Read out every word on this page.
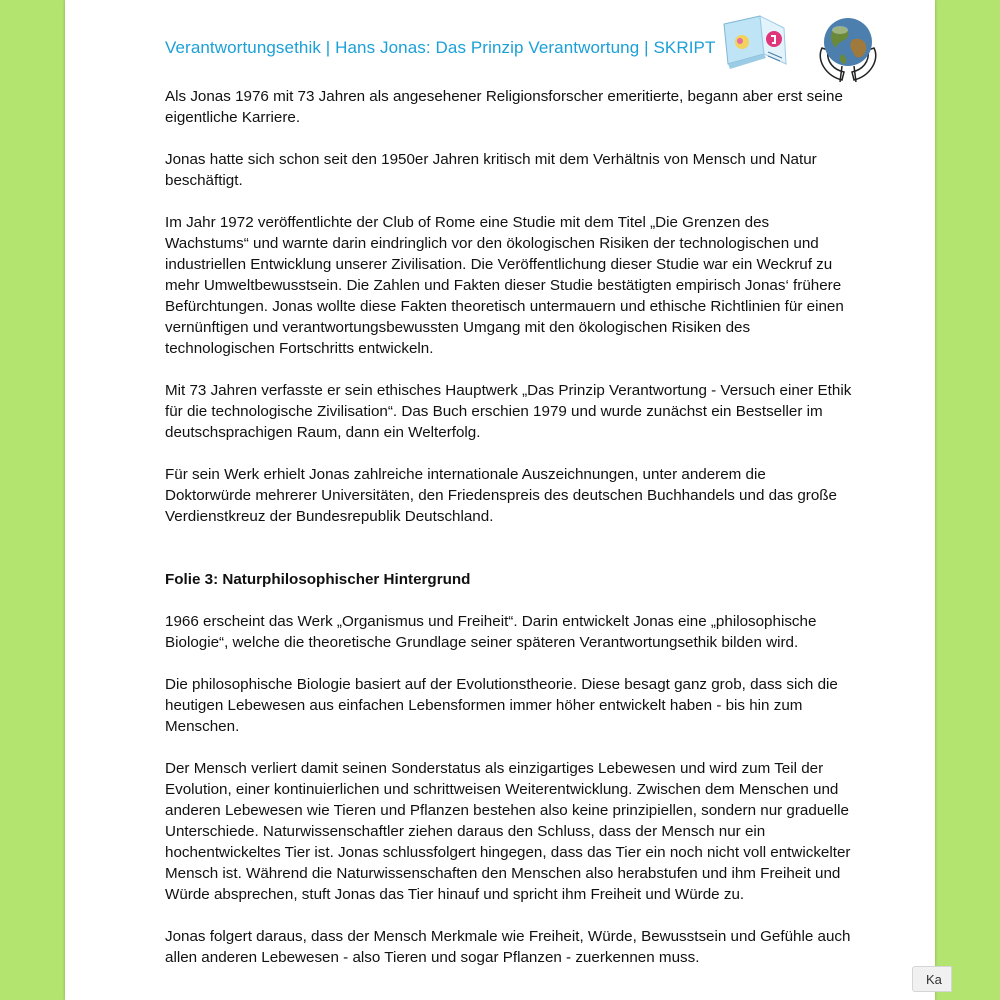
Verantwortungsethik | Hans Jonas: Das Prinzip Verantwortung | SKRIPT

Als Jonas 1976 mit 73 Jahren als angesehener Religionsforscher emeritierte, begann aber erst seine eigentliche Karriere.

Jonas hatte sich schon seit den 1950er Jahren kritisch mit dem Verhältnis von Mensch und Natur beschäftigt.

Im Jahr 1972 veröffentlichte der Club of Rome eine Studie mit dem Titel „Die Grenzen des Wachstums“ und warnte darin eindringlich vor den ökologischen Risiken der technologischen und industriellen Entwicklung unserer Zivilisation. Die Veröffentlichung dieser Studie war ein Weckruf zu mehr Umweltbewusstsein. Die Zahlen und Fakten dieser Studie bestätigten empirisch Jonas‘ frühere Befürchtungen. Jonas wollte diese Fakten theoretisch untermauern und ethische Richtlinien für einen vernünftigen und verantwortungsbewussten Umgang mit den ökologischen Risiken des technologischen Fortschritts entwickeln.

Mit 73 Jahren verfasste er sein ethisches Hauptwerk „Das Prinzip Verantwortung - Versuch einer Ethik für die technologische Zivilisation“. Das Buch erschien 1979 und wurde zunächst ein Bestseller im deutschsprachigen Raum, dann ein Welterfolg.

Für sein Werk erhielt Jonas zahlreiche internationale Auszeichnungen, unter anderem die Doktorwürde mehrerer Universitäten, den Friedenspreis des deutschen Buchhandels und das große Verdienstkreuz der Bundesrepublik Deutschland.

Folie 3: Naturphilosophischer Hintergrund

1966 erscheint das Werk „Organismus und Freiheit“. Darin entwickelt Jonas eine „philosophische Biologie“, welche die theoretische Grundlage seiner späteren Verantwortungsethik bilden wird.

Die philosophische Biologie basiert auf der Evolutionstheorie. Diese besagt ganz grob, dass sich die heutigen Lebewesen aus einfachen Lebensformen immer höher entwickelt haben - bis hin zum Menschen.

Der Mensch verliert damit seinen Sonderstatus als einzigartiges Lebewesen und wird zum Teil der Evolution, einer kontinuierlichen und schrittweisen Weiterentwicklung. Zwischen dem Menschen und anderen Lebewesen wie Tieren und Pflanzen bestehen also keine prinzipiellen, sondern nur graduelle Unterschiede. Naturwissenschaftler ziehen daraus den Schluss, dass der Mensch nur ein hochentwickeltes Tier ist. Jonas schlussfolgert hingegen, dass das Tier ein noch nicht voll entwickelter Mensch ist. Während die Naturwissenschaften den Menschen also herabstufen und ihm Freiheit und Würde absprechen, stuft Jonas das Tier hinauf und spricht ihm Freiheit und Würde zu.

Jonas folgert daraus, dass der Mensch Merkmale wie Freiheit, Würde, Bewusstsein und Gefühle auch allen anderen Lebewesen - also Tieren und sogar Pflanzen - zuerkennen muss.

Ka
